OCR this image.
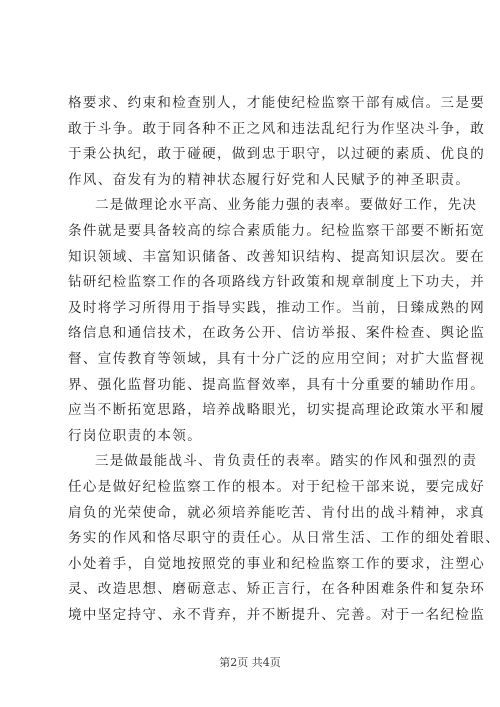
格要求、约束和检查别人，才能使纪检监察干部有威信。三是要

敢于斗争。敢于同各种不正之风和违法乱纪行为作坚决斗争，敢

于秉公执纪，敢于碰硬，做到忠于职守，以过硬的素质、优良的

作风、奋发有为的精神状态履行好党和人民赋予的神圣职责。

二是做理论水平高、业务能力强的表率。要做好工作，先决

条件就是要具备较高的综合素质能力。纪检监察干部要不断拓宽

知识领域、丰富知识储备、改善知识结构、提高知识层次。要在

钻研纪检监察工作的各项路线方针政策和规章制度上下功夫，并

及时将学习所得用于指导实践，推动工作。当前，日臻成熟的网

络信息和通信技术，在政务公开、信访举报、案件检查、舆论监

督、宣传教育等领域，具有十分广泛的应用空间；对扩大监督视

界、强化监督功能、提高监督效率，具有十分重要的辅助作用。

应当不断拓宽思路，培养战略眼光，切实提高理论政策水平和履

行岗位职责的本领。

三是做最能战斗、肯负责任的表率。踏实的作风和强烈的责

任心是做好纪检监察工作的根本。对于纪检干部来说，要完成好

肩负的光荣使命，就必须培养能吃苦、肯付出的战斗精神，求真

务实的作风和恪尽职守的责任心。从日常生活、工作的细处着眼、

小处着手，自觉地按照党的事业和纪检监察工作的要求，注塑心

灵、改造思想、磨砺意志、矫正言行，在各种困难条件和复杂环

境中坚定持守、永不背弃，并不断提升、完善。对于一名纪检监

第2页 共4页
